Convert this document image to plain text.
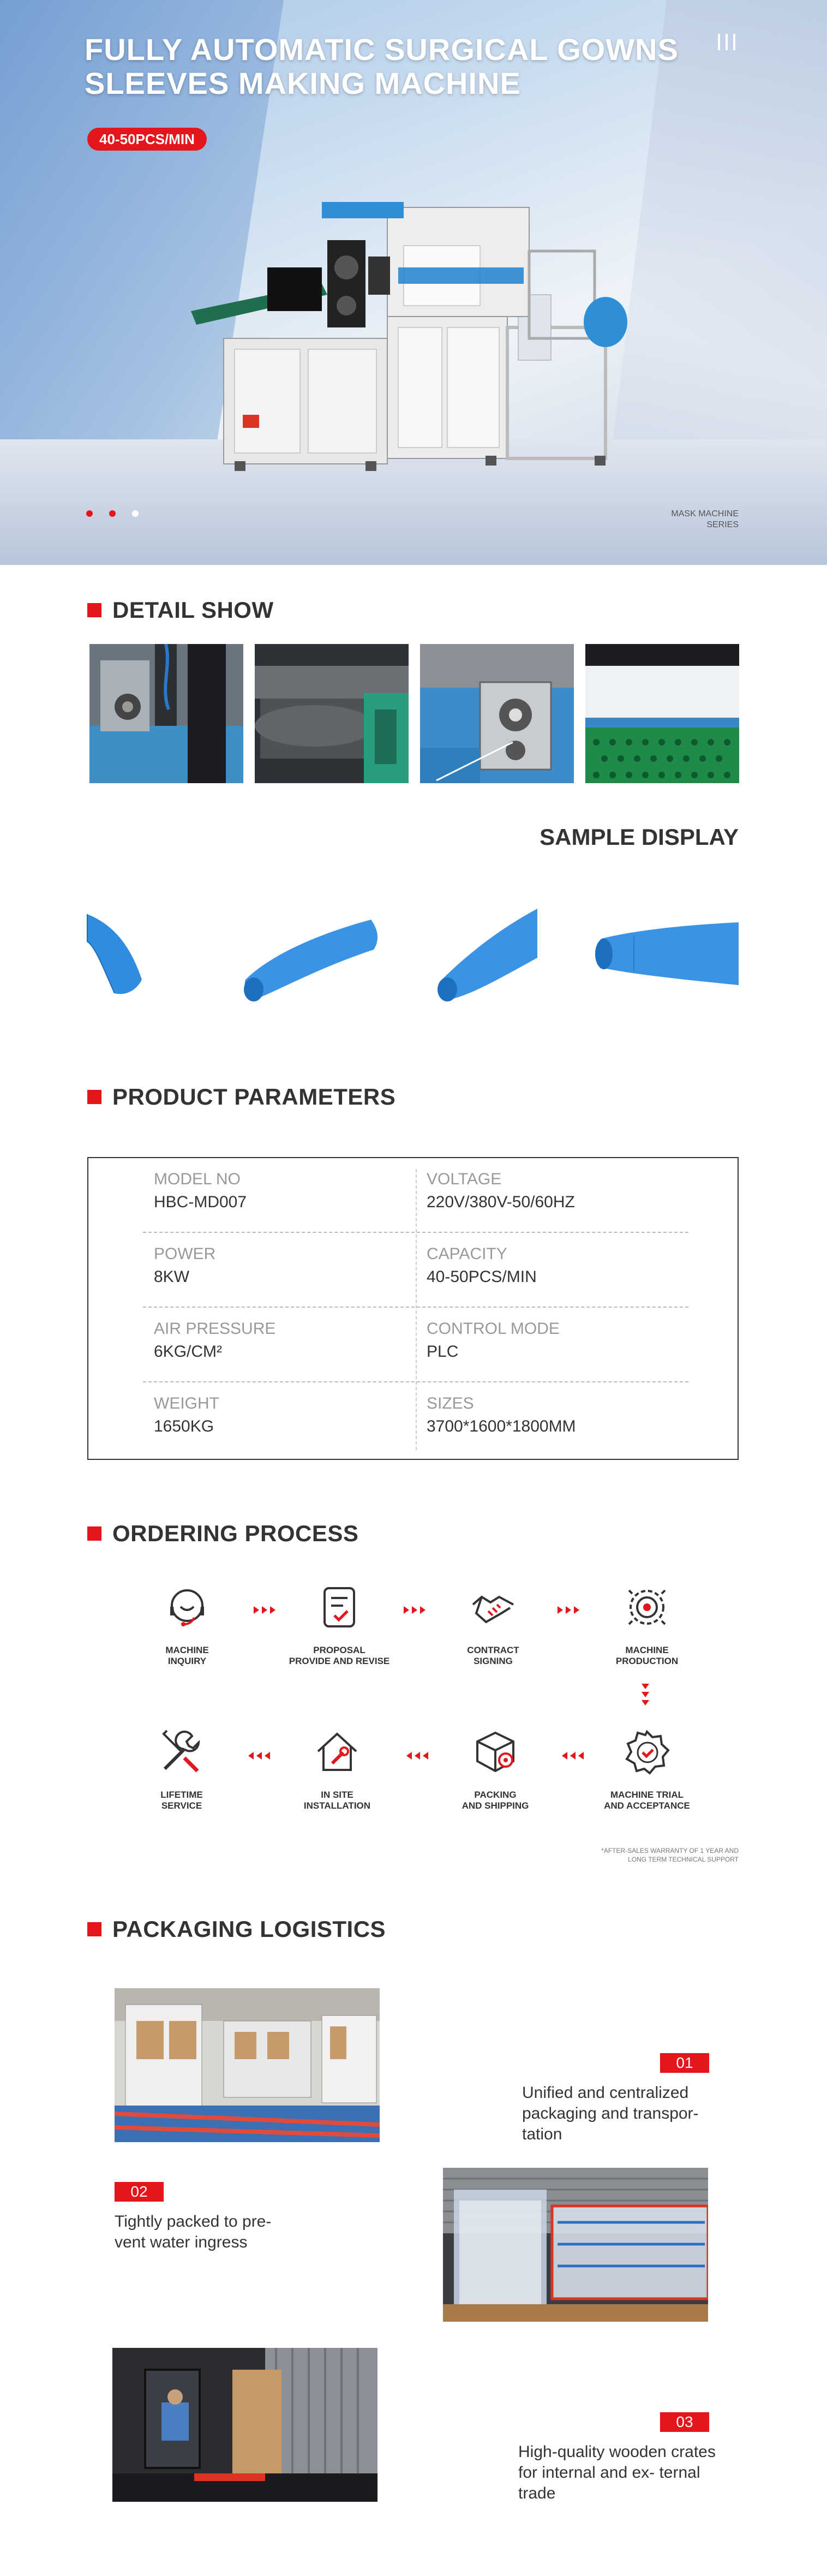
FULLY AUTOMATIC SURGICAL GOWNS SLEEVES MAKING MACHINE
40-50PCS/MIN
MASK MACHINE
SERIES
DETAIL SHOW
SAMPLE DISPLAY
PRODUCT PARAMETERS
MODEL NO
HBC-MD007
VOLTAGE
220V/380V-50/60HZ
POWER
8KW
CAPACITY
40-50PCS/MIN
AIR PRESSURE
6KG/CM²
CONTROL MODE
PLC
WEIGHT
1650KG
SIZES
3700*1600*1800MM
ORDERING PROCESS
MACHINE
INQUIRY
PROPOSAL
PROVIDE AND REVISE
CONTRACT
SIGNING
MACHINE
PRODUCTION
MACHINE TRIAL
AND ACCEPTANCE
PACKING
AND SHIPPING
IN SITE
INSTALLATION
LIFETIME
SERVICE
*AFTER-SALES WARRANTY OF 1 YEAR AND
LONG TERM TECHNICAL SUPPORT
PACKAGING LOGISTICS
01
Unified and centralized packaging and transpor- tation
02
Tightly packed to pre- vent water ingress
03
High-quality wooden crates for internal and ex- ternal trade
